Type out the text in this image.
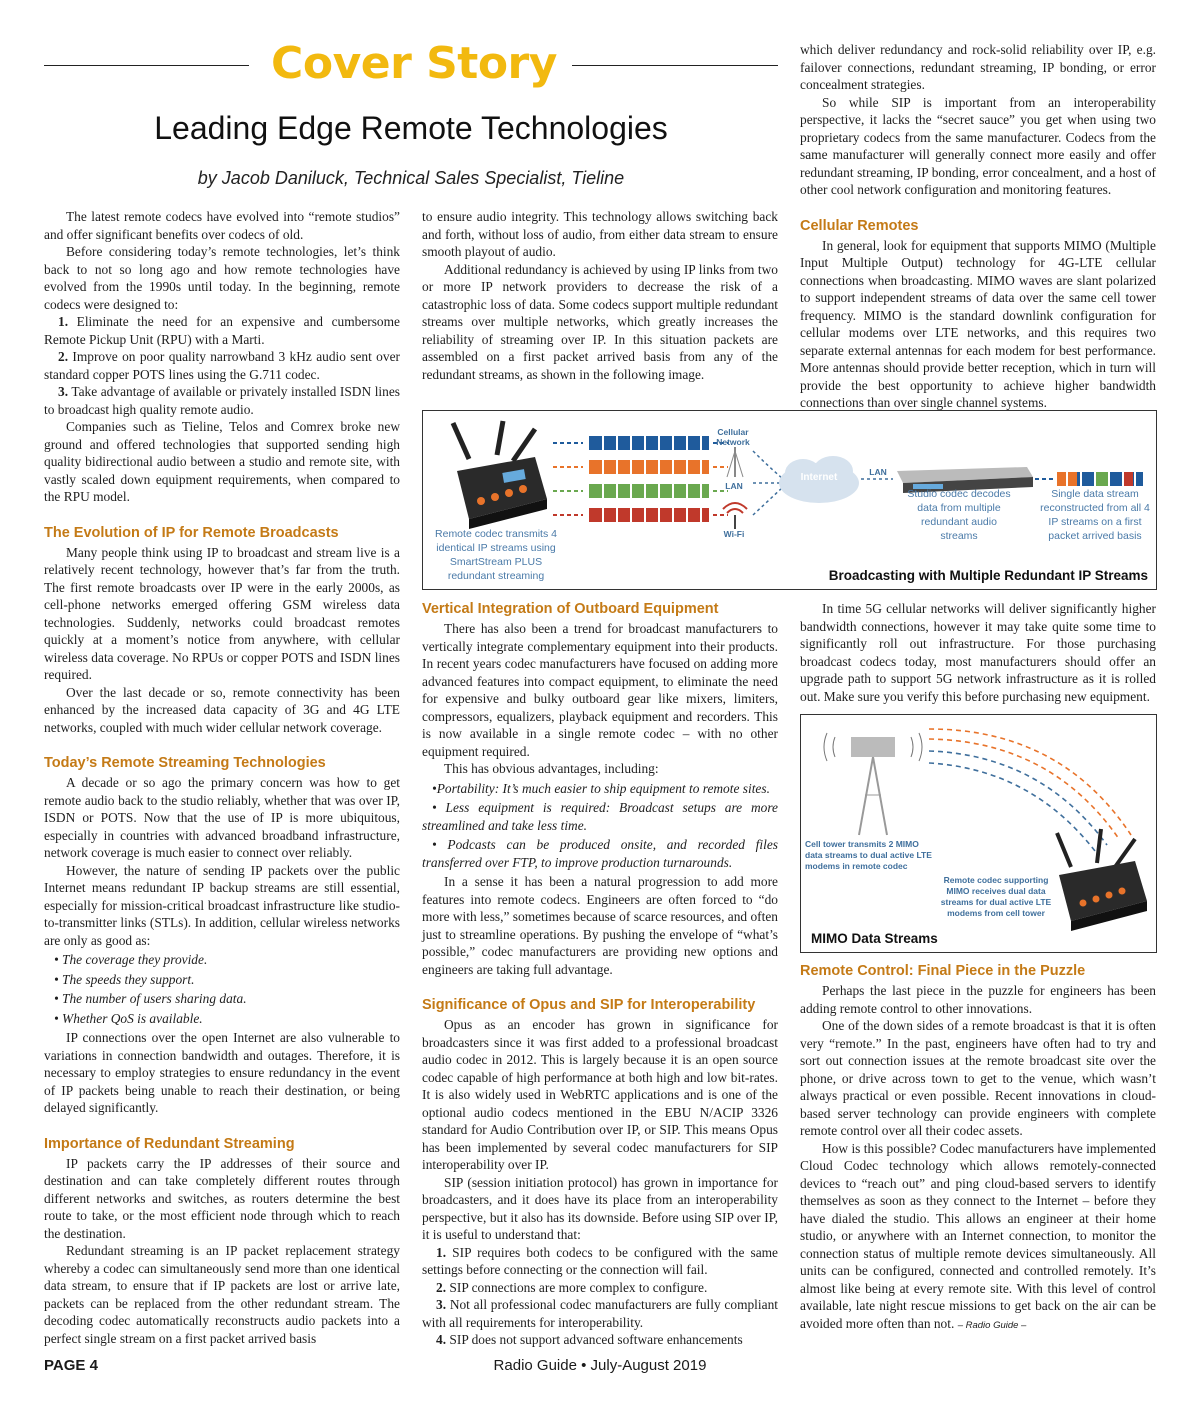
Cover Story
Leading Edge Remote Technologies
by Jacob Daniluck, Technical Sales Specialist, Tieline

The latest remote codecs have evolved into “remote studios” and offer significant benefits over codecs of old.

Before considering today’s remote technologies, let’s think back to not so long ago and how remote technologies have evolved from the 1990s until today. In the beginning, remote codecs were designed to:

1. Eliminate the need for an expensive and cumbersome Remote Pickup Unit (RPU) with a Marti.

2. Improve on poor quality narrowband 3 kHz audio sent over standard copper POTS lines using the G.711 codec.

3. Take advantage of available or privately installed ISDN lines to broadcast high quality remote audio.

Companies such as Tieline, Telos and Comrex broke new ground and offered technologies that supported sending high quality bidirectional audio between a studio and remote site, with vastly scaled down equipment requirements, when compared to the RPU model.

The Evolution of IP for Remote Broadcasts

Many people think using IP to broadcast and stream live is a relatively recent technology, however that’s far from the truth. The first remote broadcasts over IP were in the early 2000s, as cell-phone networks emerged offering GSM wireless data technologies. Suddenly, networks could broadcast remotes quickly at a moment’s notice from anywhere, with cellular wireless data coverage. No RPUs or copper POTS and ISDN lines required.

Over the last decade or so, remote connectivity has been enhanced by the increased data capacity of 3G and 4G LTE networks, coupled with much wider cellular network coverage.

Today’s Remote Streaming Technologies

A decade or so ago the primary concern was how to get remote audio back to the studio reliably, whether that was over IP, ISDN or POTS. Now that the use of IP is more ubiquitous, especially in countries with advanced broadband infrastructure, network coverage is much easier to connect over reliably.

However, the nature of sending IP packets over the public Internet means redundant IP backup streams are still essential, especially for mission-critical broadcast infrastructure like studio-to-transmitter links (STLs). In addition, cellular wireless networks are only as good as:

• The coverage they provide.

• The speeds they support.

• The number of users sharing data.

• Whether QoS is available.

IP connections over the open Internet are also vulnerable to variations in connection bandwidth and outages. Therefore, it is necessary to employ strategies to ensure redundancy in the event of IP packets being unable to reach their destination, or being delayed significantly.

Importance of Redundant Streaming

IP packets carry the IP addresses of their source and destination and can take completely different routes through different networks and switches, as routers determine the best route to take, or the most efficient node through which to reach the destination.

Redundant streaming is an IP packet replacement strategy whereby a codec can simultaneously send more than one identical data stream, to ensure that if IP packets are lost or arrive late, packets can be replaced from the other redundant stream. The decoding codec automatically reconstructs audio packets into a perfect single stream on a first packet arrived basis

to ensure audio integrity. This technology allows switching back and forth, without loss of audio, from either data stream to ensure smooth playout of audio.

Additional redundancy is achieved by using IP links from two or more IP network providers to decrease the risk of a catastrophic loss of data. Some codecs support multiple redundant streams over multiple networks, which greatly increases the reliability of streaming over IP. In this situation packets are assembled on a first packet arrived basis from any of the redundant streams, as shown in the following image.

which deliver redundancy and rock-solid reliability over IP, e.g. failover connections, redundant streaming, IP bonding, or error concealment strategies.

So while SIP is important from an interoperability perspective, it lacks the “secret sauce” you get when using two proprietary codecs from the same manufacturer. Codecs from the same manufacturer will generally connect more easily and offer redundant streaming, IP bonding, error concealment, and a host of other cool network configuration and monitoring features.

Cellular Remotes

In general, look for equipment that supports MIMO (Multiple Input Multiple Output) technology for 4G-LTE cellular connections when broadcasting. MIMO waves are slant polarized to support independent streams of data over the same cell tower frequency. MIMO is the standard downlink configuration for cellular modems over LTE networks, and this requires two separate external antennas for each modem for best performance. More antennas should provide better reception, which in turn will provide the best opportunity to achieve higher bandwidth connections than over single channel systems.

Cellular Network
LAN
Wi-Fi
Internet	LAN
Remote codec transmits 4 identical IP streams using SmartStream PLUS redundant streaming
Studio codec decodes data from multiple redundant audio streams
Single data stream reconstructed from all 4 IP streams on a first packet arrived basis
Broadcasting with Multiple Redundant IP Streams
Vertical Integration of Outboard Equipment

There has also been a trend for broadcast manufacturers to vertically integrate complementary equipment into their products. In recent years codec manufacturers have focused on adding more advanced features into compact equipment, to eliminate the need for expensive and bulky outboard gear like mixers, limiters, compressors, equalizers, playback equipment and recorders. This is now available in a single remote codec – with no other equipment required.

This has obvious advantages, including:

•Portability: It’s much easier to ship equipment to remote sites.

• Less equipment is required: Broadcast setups are more streamlined and take less time.

• Podcasts can be produced onsite, and recorded files transferred over FTP, to improve production turnarounds.

In a sense it has been a natural progression to add more features into remote codecs. Engineers are often forced to “do more with less,” sometimes because of scarce resources, and often just to streamline operations. By pushing the envelope of “what’s possible,” codec manufacturers are providing new options and engineers are taking full advantage.

Significance of Opus and SIP for Interoperability

Opus as an encoder has grown in significance for broadcasters since it was first added to a professional broadcast audio codec in 2012. This is largely because it is an open source codec capable of high performance at both high and low bit-rates. It is also widely used in WebRTC applications and is one of the optional audio codecs mentioned in the EBU N/ACIP 3326 standard for Audio Contribution over IP, or SIP. This means Opus has been implemented by several codec manufacturers for SIP interoperability over IP.

SIP (session initiation protocol) has grown in importance for broadcasters, and it does have its place from an interoperability perspective, but it also has its downside. Before using SIP over IP, it is useful to understand that:

1. SIP requires both codecs to be configured with the same settings before connecting or the connection will fail.

2. SIP connections are more complex to configure.

3. Not all professional codec manufacturers are fully compliant with all requirements for interoperability.

4. SIP does not support advanced software enhancements

In time 5G cellular networks will deliver significantly higher bandwidth connections, however it may take quite some time to significantly roll out infrastructure. For those purchasing broadcast codecs today, most manufacturers should offer an upgrade path to support 5G network infrastructure as it is rolled out. Make sure you verify this before purchasing new equipment.

Cell tower transmits 2 MIMO data streams to dual active LTE modems in remote codec
Remote codec supporting MIMO receives dual data streams for dual active LTE modems from cell tower
MIMO Data Streams
Remote Control: Final Piece in the Puzzle

Perhaps the last piece in the puzzle for engineers has been adding remote control to other innovations.

One of the down sides of a remote broadcast is that it is often very “remote.” In the past, engineers have often had to try and sort out connection issues at the remote broadcast site over the phone, or drive across town to get to the venue, which wasn’t always practical or even possible. Recent innovations in cloud-based server technology can provide engineers with complete remote control over all their codec assets.

How is this possible? Codec manufacturers have implemented Cloud Codec technology which allows remotely-connected devices to “reach out” and ping cloud-based servers to identify themselves as soon as they connect to the Internet – before they have dialed the studio. This allows an engineer at their home studio, or anywhere with an Internet connection, to monitor the connection status of multiple remote devices simultaneously. All units can be configured, connected and controlled remotely. It’s almost like being at every remote site. With this level of control available, late night rescue missions to get back on the air can be avoided more often than not. – Radio Guide –

PAGE 4	Radio Guide • July-August 2019
